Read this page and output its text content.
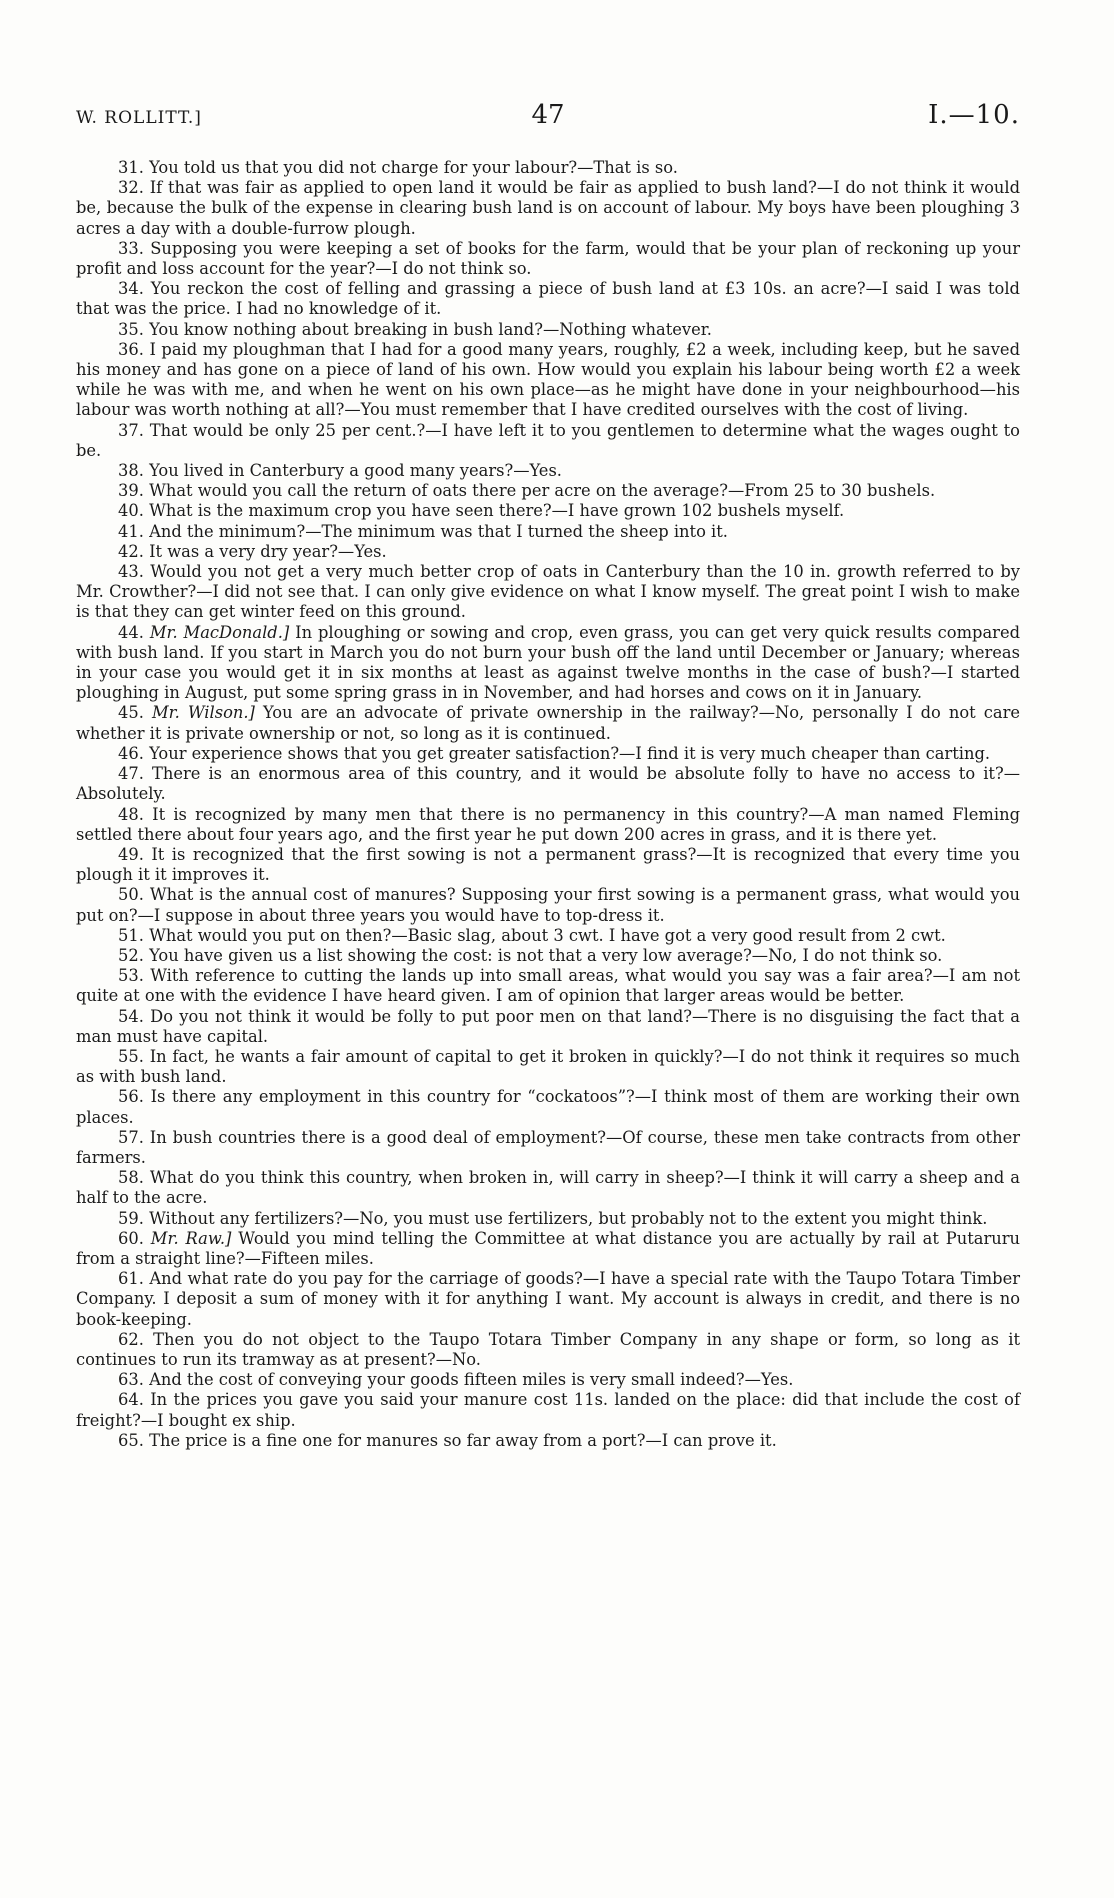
W. ROLLITT.]	47	I.—10.

31. You told us that you did not charge for your labour?—That is so.

32. If that was fair as applied to open land it would be fair as applied to bush land?—I do not think it would be, because the bulk of the expense in clearing bush land is on account of labour. My boys have been ploughing 3 acres a day with a double-furrow plough.

33. Supposing you were keeping a set of books for the farm, would that be your plan of reckoning up your profit and loss account for the year?—I do not think so.

34. You reckon the cost of felling and grassing a piece of bush land at £3 10s. an acre?—I said I was told that was the price. I had no knowledge of it.

35. You know nothing about breaking in bush land?—Nothing whatever.

36. I paid my ploughman that I had for a good many years, roughly, £2 a week, including keep, but he saved his money and has gone on a piece of land of his own. How would you explain his labour being worth £2 a week while he was with me, and when he went on his own place—as he might have done in your neighbourhood—his labour was worth nothing at all?—You must remember that I have credited ourselves with the cost of living.

37. That would be only 25 per cent.?—I have left it to you gentlemen to determine what the wages ought to be.

38. You lived in Canterbury a good many years?—Yes.

39. What would you call the return of oats there per acre on the average?—From 25 to 30 bushels.

40. What is the maximum crop you have seen there?—I have grown 102 bushels myself.

41. And the minimum?—The minimum was that I turned the sheep into it.

42. It was a very dry year?—Yes.

43. Would you not get a very much better crop of oats in Canterbury than the 10 in. growth referred to by Mr. Crowther?—I did not see that. I can only give evidence on what I know myself. The great point I wish to make is that they can get winter feed on this ground.

44. Mr. MacDonald.] In ploughing or sowing and crop, even grass, you can get very quick results compared with bush land. If you start in March you do not burn your bush off the land until December or January; whereas in your case you would get it in six months at least as against twelve months in the case of bush?—I started ploughing in August, put some spring grass in in November, and had horses and cows on it in January.

45. Mr. Wilson.] You are an advocate of private ownership in the railway?—No, personally I do not care whether it is private ownership or not, so long as it is continued.

46. Your experience shows that you get greater satisfaction?—I find it is very much cheaper than carting.

47. There is an enormous area of this country, and it would be absolute folly to have no access to it?—Absolutely.

48. It is recognized by many men that there is no permanency in this country?—A man named Fleming settled there about four years ago, and the first year he put down 200 acres in grass, and it is there yet.

49. It is recognized that the first sowing is not a permanent grass?—It is recognized that every time you plough it it improves it.

50. What is the annual cost of manures? Supposing your first sowing is a permanent grass, what would you put on?—I suppose in about three years you would have to top-dress it.

51. What would you put on then?—Basic slag, about 3 cwt. I have got a very good result from 2 cwt.

52. You have given us a list showing the cost: is not that a very low average?—No, I do not think so.

53. With reference to cutting the lands up into small areas, what would you say was a fair area?—I am not quite at one with the evidence I have heard given. I am of opinion that larger areas would be better.

54. Do you not think it would be folly to put poor men on that land?—There is no disguising the fact that a man must have capital.

55. In fact, he wants a fair amount of capital to get it broken in quickly?—I do not think it requires so much as with bush land.

56. Is there any employment in this country for “cockatoos”?—I think most of them are working their own places.

57. In bush countries there is a good deal of employment?—Of course, these men take contracts from other farmers.

58. What do you think this country, when broken in, will carry in sheep?—I think it will carry a sheep and a half to the acre.

59. Without any fertilizers?—No, you must use fertilizers, but probably not to the extent you might think.

60. Mr. Raw.] Would you mind telling the Committee at what distance you are actually by rail at Putaruru from a straight line?—Fifteen miles.

61. And what rate do you pay for the carriage of goods?—I have a special rate with the Taupo Totara Timber Company. I deposit a sum of money with it for anything I want. My account is always in credit, and there is no book-keeping.

62. Then you do not object to the Taupo Totara Timber Company in any shape or form, so long as it continues to run its tramway as at present?—No.

63. And the cost of conveying your goods fifteen miles is very small indeed?—Yes.

64. In the prices you gave you said your manure cost 11s. landed on the place: did that include the cost of freight?—I bought ex ship.

65. The price is a fine one for manures so far away from a port?—I can prove it.
